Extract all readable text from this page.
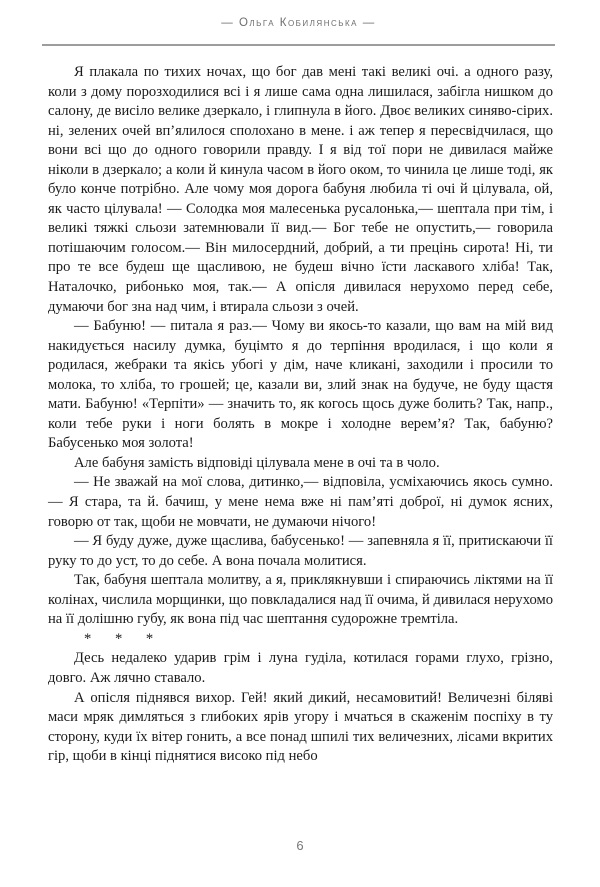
— Ольга Кобилянська —

Я плакала по тихих ночах, що бог дав мені такі великі очі. а одного разу, коли з дому порозходилися всі і я лише сама одна лишилася, забігла нишком до салону, де висіло велике дзеркало, і глипнула в його. Двоє великих синяво-сірих. ні, зелених очей вп’ялилося сполохано в мене. і аж тепер я пересвідчилася, що вони всі що до одного говорили правду. І я від тої пори не дивилася майже ніколи в дзеркало; а коли й кинула часом в його оком, то чинила це лише тоді, як було конче потрібно. Але чому моя дорога бабуня любила ті очі й цілувала, ой, як часто цілувала! — Солодка моя малесенька русалонька,— шептала при тім, і великі тяжкі сльози затемнювали її вид.— Бог тебе не опустить,— говорила потішаючим голосом.— Він милосердний, добрий, а ти прецінь сирота! Ні, ти про те все будеш ще щасливою, не будеш вічно їсти ласкавого хліба! Так, Наталочко, рибонько моя, так.— А опісля дивилася нерухомо перед себе, думаючи бог зна над чим, і втирала сльози з очей.

— Бабуню! — питала я раз.— Чому ви якось-то казали, що вам на мій вид накидується насилу думка, буцімто я до терпіння вродилася, і що коли я родилася, жебраки та якісь убогі у дім, наче кликані, заходили і просили то молока, то хліба, то грошей; це, казали ви, злий знак на будуче, не буду щастя мати. Бабуню! «Терпіти» — значить то, як когось щось дуже болить? Так, напр., коли тебе руки і ноги болять в мокре і холодне верем’я? Так, бабуню? Бабусенько моя золота!

Але бабуня замість відповіді цілувала мене в очі та в чоло.

— Не зважай на мої слова, дитинко,— відповіла, усміхаючись якось сумно.— Я стара, та й. бачиш, у мене нема вже ні пам’яті доброї, ні думок ясних, говорю от так, щоби не мовчати, не думаючи нічого!

— Я буду дуже, дуже щаслива, бабусенько! — запевняла я її, притискаючи її руку то до уст, то до себе. А вона почала молитися.

Так, бабуня шептала молитву, а я, приклякнувши і спираючись ліктями на її колінах, числила морщинки, що повкладалися над її очима, й дивилася нерухомо на її долішню губу, як вона під час шептання судорожне тремтіла.

* * *

Десь недалеко ударив грім і луна гуділа, котилася горами глухо, грізно, довго. Аж лячно ставало.

А опісля піднявся вихор. Гей! який дикий, несамовитий! Величезні біляві маси мряк димляться з глибоких ярів угору і мчаться в скаженім поспіху в ту сторону, куди їх вітер гонить, а все понад шпилі тих величезних, лісами вкритих гір, щоби в кінці піднятися високо під небо

6
